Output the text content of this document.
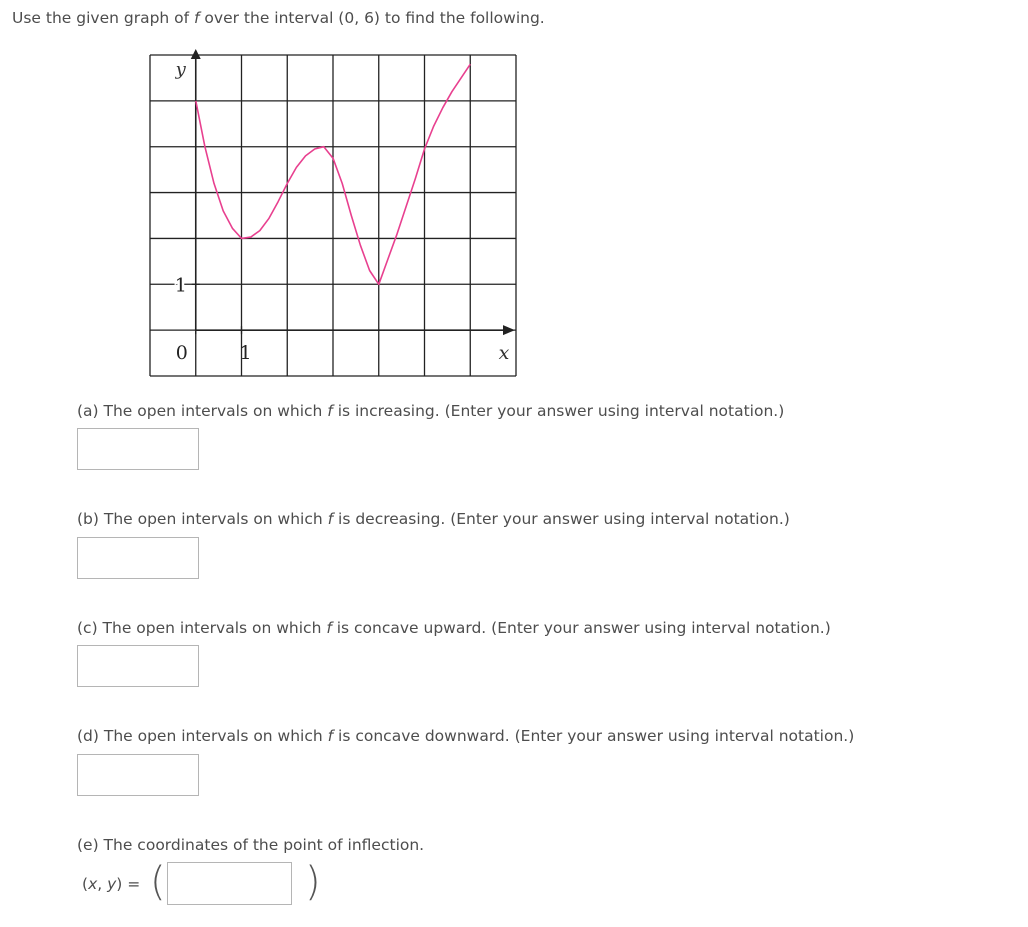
Use the given graph of f over the interval (0, 6) to find the following.
0	1
1
y
x
(a) The open intervals on which f is increasing. (Enter your answer using interval notation.)
(b) The open intervals on which f is decreasing. (Enter your answer using interval notation.)
(c) The open intervals on which f is concave upward. (Enter your answer using interval notation.)
(d) The open intervals on which f is concave downward. (Enter your answer using interval notation.)
(e) The coordinates of the point of inflection.
(x, y) = (	)
